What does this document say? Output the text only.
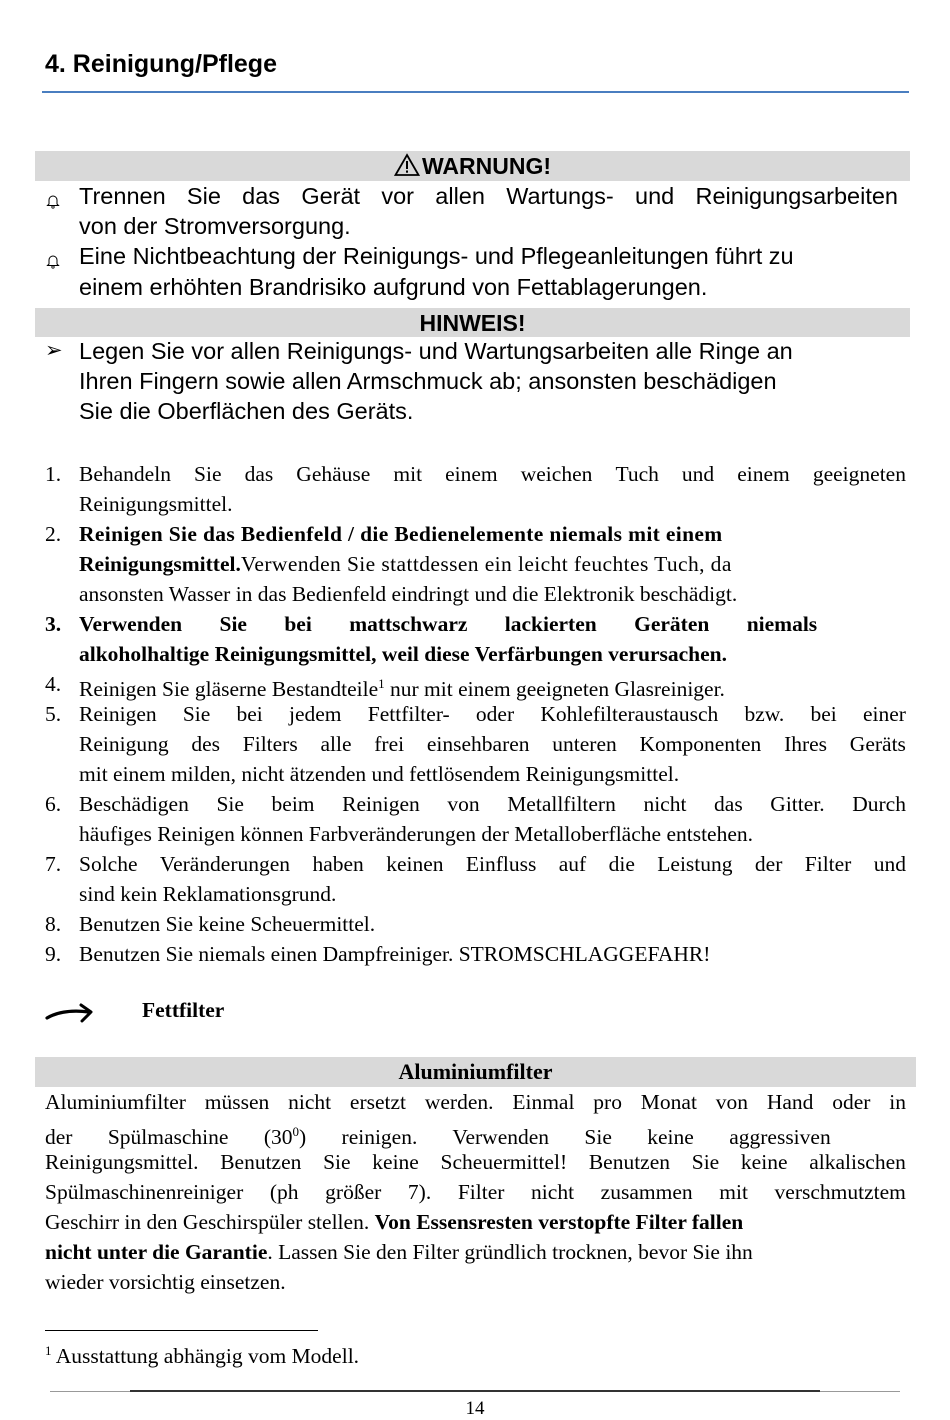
4. Reinigung/Pflege
WARNUNG!
Trennen Sie das Gerät vor allen Wartungs- und Reinigungsarbeiten
von der Stromversorgung.
Eine Nichtbeachtung der Reinigungs- und Pflegeanleitungen führt zu
einem erhöhten Brandrisiko aufgrund von Fettablagerungen.
HINWEIS!
➢ Legen Sie vor allen Reinigungs- und Wartungsarbeiten alle Ringe an
Ihren Fingern sowie allen Armschmuck ab; ansonsten beschädigen
Sie die Oberflächen des Geräts.
1. Behandeln Sie das Gehäuse mit einem weichen Tuch und einem geeigneten
Reinigungsmittel.
2. Reinigen Sie das Bedienfeld / die Bedienelemente niemals mit einem
Reinigungsmittel. Verwenden Sie stattdessen ein leicht feuchtes Tuch, da
ansonsten Wasser in das Bedienfeld eindringt und die Elektronik beschädigt.
3. Verwenden Sie bei mattschwarz lackierten Geräten niemals
alkoholhaltige Reinigungsmittel, weil diese Verfärbungen verursachen.
4. Reinigen Sie gläserne Bestandteile$^1$ nur mit einem geeigneten Glasreiniger.
5. Reinigen Sie bei jedem Fettfilter- oder Kohlefilteraustausch bzw. bei einer
Reinigung des Filters alle frei einsehbaren unteren Komponenten Ihres Geräts
mit einem milden, nicht ätzenden und fettlösendem Reinigungsmittel.
6. Beschädigen Sie beim Reinigen von Metallfiltern nicht das Gitter. Durch
häufiges Reinigen können Farbveränderungen der Metalloberfläche entstehen.
7. Solche Veränderungen haben keinen Einfluss auf die Leistung der Filter und
sind kein Reklamationsgrund.
8. Benutzen Sie keine Scheuermittel.
9. Benutzen Sie niemals einen Dampfreiniger. STROMSCHLAGGEFAHR!
Fettfilter
Aluminiumfilter
Aluminiumfilter müssen nicht ersetzt werden. Einmal pro Monat von Hand oder in
der Spülmaschine $(30^0)$ reinigen. Verwenden Sie keine aggressiven
Reinigungsmittel. Benutzen Sie keine Scheuermittel! Benutzen Sie keine alkalischen
Spülmaschinenreiniger (ph größer 7). Filter nicht zusammen mit verschmutztem
Geschirr in den Geschirspüler stellen. Von Essensresten verstopfte Filter fallen
nicht unter die Garantie. Lassen Sie den Filter gründlich trocknen, bevor Sie ihn
wieder vorsichtig einsetzen.
$^1$ Ausstattung abhängig vom Modell.
14
